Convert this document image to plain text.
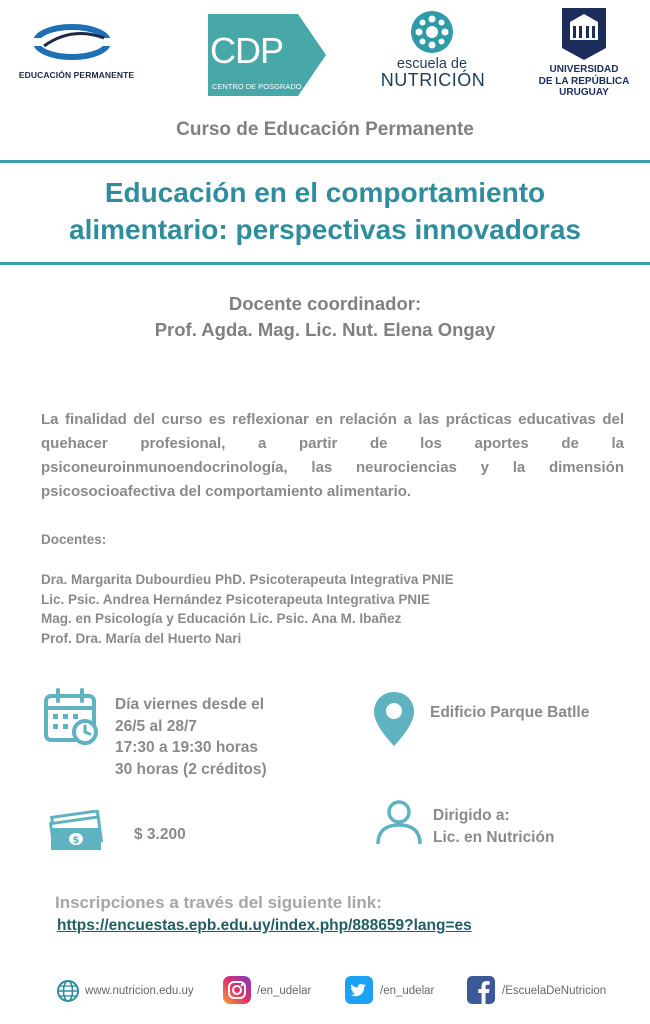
EDUCACIÓN PERMANENTE
CDP
CENTRO DE POSGRADO
escuela de
NUTRICIÓN
UNIVERSIDAD
DE LA REPÚBLICA
URUGUAY
Curso de Educación Permanente
Educación en el comportamiento
alimentario: perspectivas innovadoras
Docente coordinador:
Prof. Agda. Mag. Lic. Nut. Elena Ongay
La finalidad del curso es reflexionar en relación a las prácticas educativas del quehacer profesional, a partir de los aportes de la psiconeuroinmunoendocrinología, las neurociencias y la dimensión psicosocioafectiva del comportamiento alimentario.
Docentes:
Dra. Margarita Dubourdieu PhD. Psicoterapeuta Integrativa PNIE
Lic. Psic. Andrea Hernández Psicoterapeuta Integrativa PNIE
Mag. en Psicología y Educación Lic. Psic. Ana M. Ibañez
Prof. Dra. María del Huerto Nari
Día viernes desde el
26/5 al 28/7
17:30 a 19:30 horas
30 horas (2 créditos)
Edificio Parque Batlle
$	$ 3.200
Dirigido a:
Lic. en Nutrición
Inscripciones a través del siguiente link:
https://encuestas.epb.edu.uy/index.php/888659?lang=es
www.nutricion.edu.uy	/en_udelar	/en_udelar	/EscuelaDeNutricion
